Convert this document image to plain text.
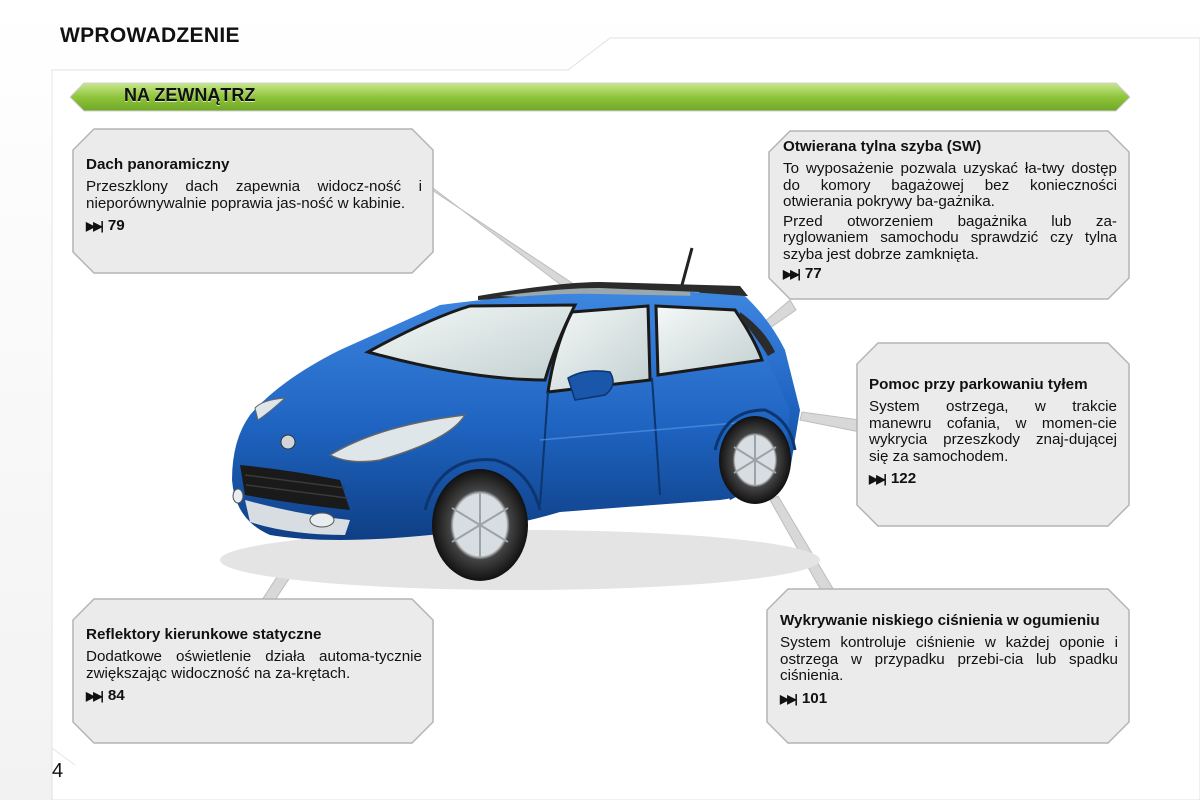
WPROWADZENIE
NA ZEWNĄTRZ
Dach panoramiczny

Przeszklony dach zapewnia widocz-ność i nieporównywalnie poprawia jas-ność w kabinie.

▶▶| 79
Otwierana tylna szyba (SW)

To wyposażenie pozwala uzyskać ła-twy dostęp do komory bagażowej bez konieczności otwierania pokrywy ba-gażnika.

Przed otworzeniem bagażnika lub za-ryglowaniem samochodu sprawdzić czy tylna szyba jest dobrze zamknięta.

▶▶| 77
Pomoc przy parkowaniu tyłem

System ostrzega, w trakcie manewru cofania, w momen-cie wykrycia przeszkody znaj-dującej się za samochodem.

▶▶| 122
Reflektory kierunkowe statyczne

Dodatkowe oświetlenie działa automa-tycznie zwiększając widoczność na za-krętach.

▶▶| 84
Wykrywanie niskiego ciśnienia w ogumieniu

System kontroluje ciśnienie w każdej oponie i ostrzega w przypadku przebi-cia lub spadku ciśnienia.

▶▶| 101
4
